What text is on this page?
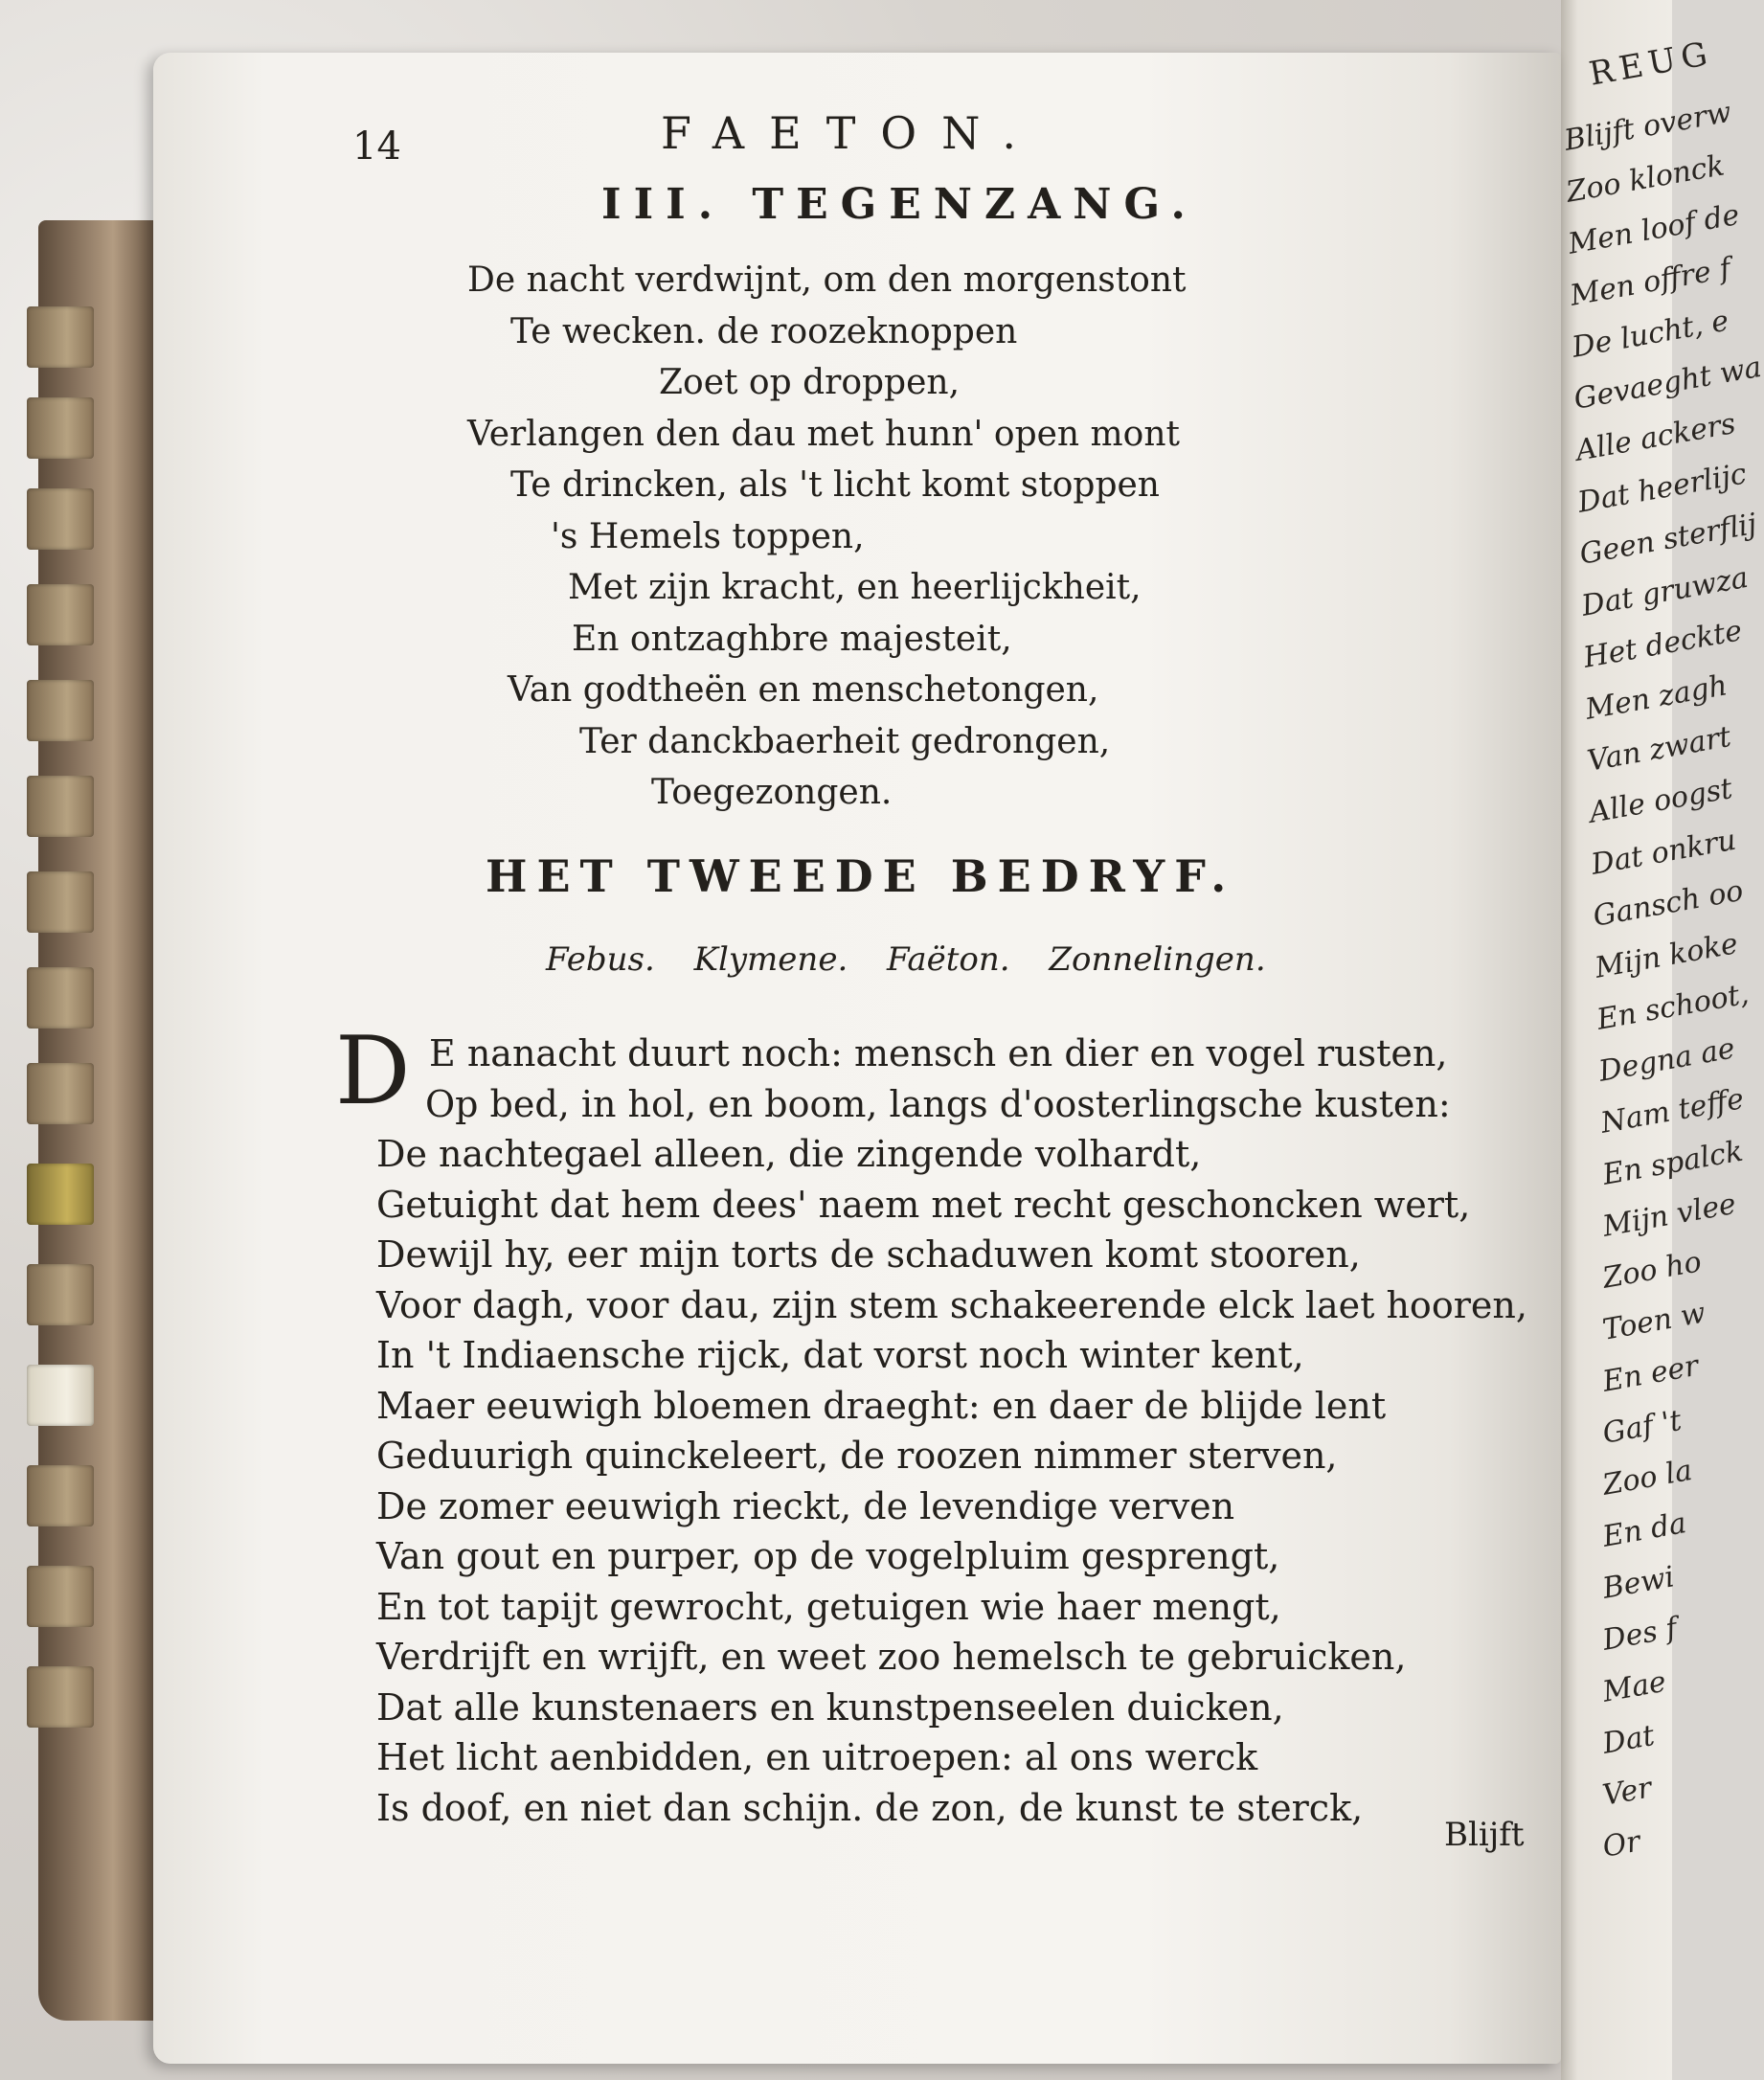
REUG
Blijft overw
Zoo klonck
Men loof de
Men offre f
De lucht, e
Gevaeght wa
Alle ackers
Dat heerlijc
Geen sterflij
Dat gruwza
Het deckte
Men zagh
Van zwart
Alle oogst
Dat onkru
Gansch oo
Mijn koke
En schoot,
Degna ae
Nam teffe
En spalck
Mijn vlee
Zoo ho
Toen w
En eer
Gaf 't
Zoo la
En da
Bewi
Des f
Mae
Dat
Ver
Or

14	FAETON.
III. TEGENZANG.
De nacht verdwijnt, om den morgenstont
Te wecken. de roozeknoppen
Zoet op droppen,
Verlangen den dau met hunn' open mont
Te drincken, als 't licht komt stoppen
's Hemels toppen,
Met zijn kracht, en heerlijckheit,
En ontzaghbre majesteit,
Van godtheën en menschetongen,
Ter danckbaerheit gedrongen,
Toegezongen.
HET TWEEDE BEDRYF.
Febus. Klymene. Faëton. Zonnelingen.
D E nanacht duurt noch: mensch en dier en vogel rusten,
Op bed, in hol, en boom, langs d'oosterlingsche kusten:
De nachtegael alleen, die zingende volhardt,
Getuight dat hem dees' naem met recht geschoncken wert,
Dewijl hy, eer mijn torts de schaduwen komt stooren,
Voor dagh, voor dau, zijn stem schakeerende elck laet hooren,
In 't Indiaensche rijck, dat vorst noch winter kent,
Maer eeuwigh bloemen draeght: en daer de blijde lent
Geduurigh quinckeleert, de roozen nimmer sterven,
De zomer eeuwigh rieckt, de levendige verven
Van gout en purper, op de vogelpluim gesprengt,
En tot tapijt gewrocht, getuigen wie haer mengt,
Verdrijft en wrijft, en weet zoo hemelsch te gebruicken,
Dat alle kunstenaers en kunstpenseelen duicken,
Het licht aenbidden, en uitroepen: al ons werck
Is doof, en niet dan schijn. de zon, de kunst te sterck,
Blijft
